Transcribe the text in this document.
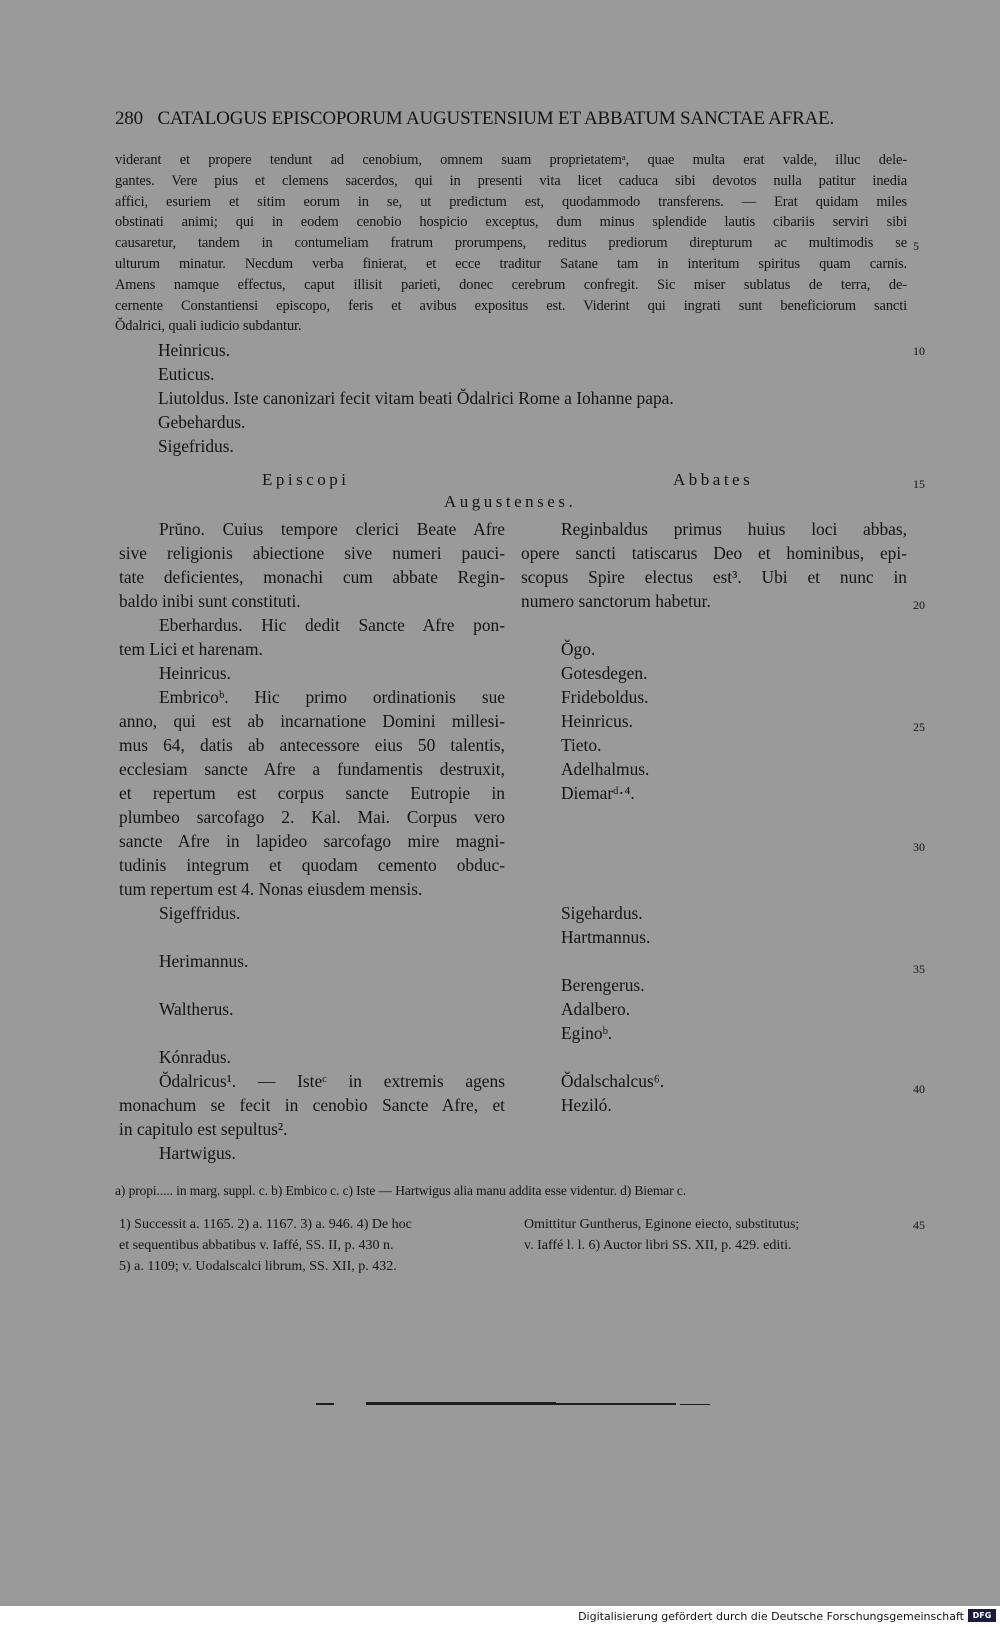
280 CATALOGUS EPISCOPORUM AUGUSTENSIUM ET ABBATUM SANCTAE AFRAE.
viderant et propere tendunt ad cenobium, omnem suam proprietatemᵃ, quae multa erat valde, illuc dele-
gantes. Vere pius et clemens sacerdos, qui in presenti vita licet caduca sibi devotos nulla patitur inedia
affici, esuriem et sitim eorum in se, ut predictum est, quodammodo transferens. — Erat quidam miles
obstinati animi; qui in eodem cenobio hospicio exceptus, dum minus splendide lautis cibariis serviri sibi
causaretur, tandem in contumeliam fratrum prorumpens, reditus prediorum direpturum ac multimodis se
ulturum minatur. Necdum verba finierat, et ecce traditur Satane tam in interitum spiritus quam carnis.
Amens namque effectus, caput illisit parieti, donec cerebrum confregit. Sic miser sublatus de terra, de-
cernente Constantiensi episcopo, feris et avibus expositus est. Viderint qui ingrati sunt beneficiorum sancti
Ŏdalrici, quali iudicio subdantur.
Heinricus.
Euticus.
Liutoldus. Iste canonizari fecit vitam beati Ŏdalrici Rome a Iohanne papa.
Gebehardus.
Sigefridus.
Episcopi	Abbates
Augustenses.
Prŭno. Cuius tempore clerici Beate Afre
sive religionis abiectione sive numeri pauci-
tate deficientes, monachi cum abbate Regin-
baldo inibi sunt constituti.
Eberhardus. Hic dedit Sancte Afre pon-
tem Lici et harenam.
Heinricus.
Embricoᵇ. Hic primo ordinationis sue
anno, qui est ab incarnatione Domini millesi-
mus 64, datis ab antecessore eius 50 talentis,
ecclesiam sancte Afre a fundamentis destruxit,
et repertum est corpus sancte Eutropie in
plumbeo sarcofago 2. Kal. Mai. Corpus vero
sancte Afre in lapideo sarcofago mire magni-
tudinis integrum et quodam cemento obduc-
tum repertum est 4. Nonas eiusdem mensis.
Sigeffridus.

Herimannus.

Waltherus.

Kónradus.
Ŏdalricus¹. — Isteᶜ in extremis agens
monachum se fecit in cenobio Sancte Afre, et
in capitulo est sepultus².
Hartwigus.
Reginbaldus primus huius loci abbas,
opere sancti tatiscarus Deo et hominibus, epi-
scopus Spire electus est³. Ubi et nunc in
numero sanctorum habetur.

Ŏgo.
Gotesdegen.
Frideboldus.
Heinricus.
Tieto.
Adelhalmus.
Diemarᵈ·⁴.

Sigehardus.
Hartmannus.

Berengerus.
Adalbero.
Eginoᵇ.

Ŏdalschalcus⁶.
Heziló.
5
10
15
20
25
30
35
40
45
a) propi..... in marg. suppl. c. b) Embico c. c) Iste — Hartwigus alia manu addita esse videntur. d) Biemar c.
1) Successit a. 1165. 2) a. 1167. 3) a. 946. 4) De hoc
et sequentibus abbatibus v. Iaffé, SS. II, p. 430 n.
5) a. 1109; v. Uodalscalci librum, SS. XII, p. 432.
Omittitur Guntherus, Eginone eiecto, substitutus;
v. Iaffé l. l. 6) Auctor libri SS. XII, p. 429. editi.
Digitalisierung gefördert durch die Deutsche Forschungsgemeinschaft	DFG
